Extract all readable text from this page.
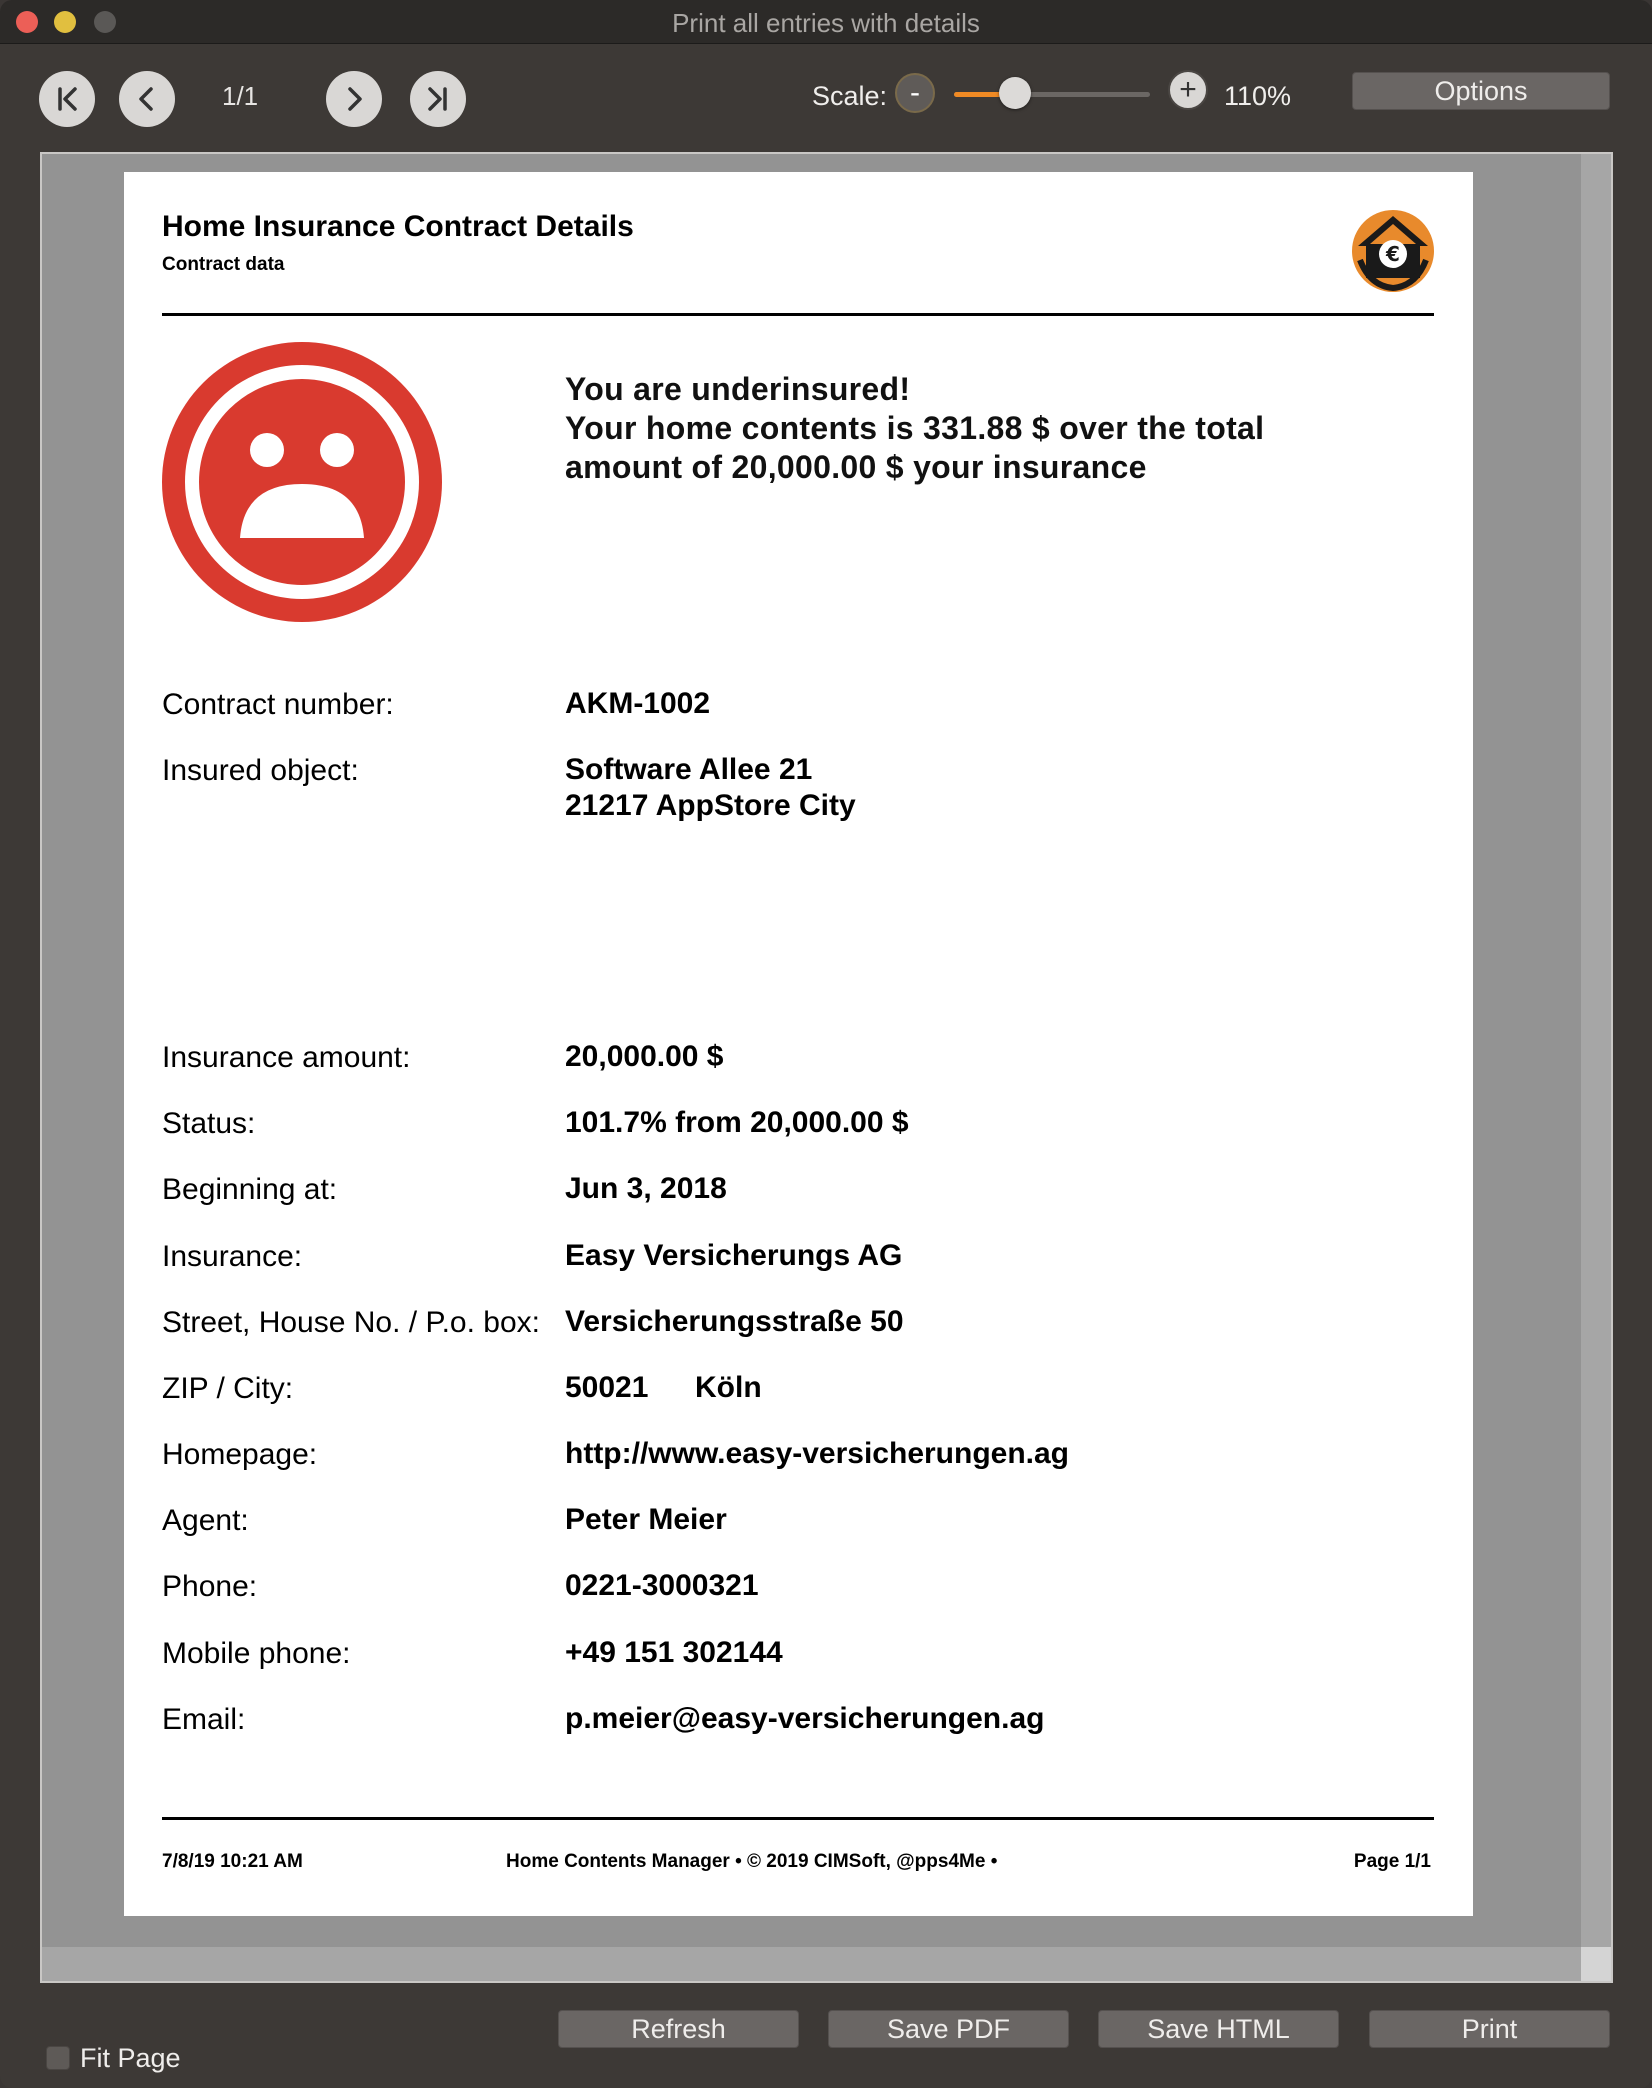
Print all entries with details
1/1	Scale: -	+	110%	Options
Home Insurance Contract Details
Contract data	€
You are underinsured!
Your home contents is 331.88 $ over the total
amount of 20,000.00 $ your insurance
Contract number:	AKM-1002
Insured object:	Software Allee 21
21217 AppStore City
Insurance amount:	20,000.00 $
Status:	101.7% from 20,000.00 $
Beginning at:	Jun 3, 2018
Insurance:	Easy Versicherungs AG
Street, House No. / P.o. box: Versicherungsstraße 50
ZIP / City:	50021 Köln
Homepage:	http://www.easy-versicherungen.ag
Agent:	Peter Meier
Phone:	0221-3000321
Mobile phone:	+49 151 302144
Email:	p.meier@easy-versicherungen.ag
7/8/19 10:21 AM	Home Contents Manager • © 2019 CIMSoft, @pps4Me •	Page 1/1
Fit Page
Refresh	Save PDF	Save HTML	Print
